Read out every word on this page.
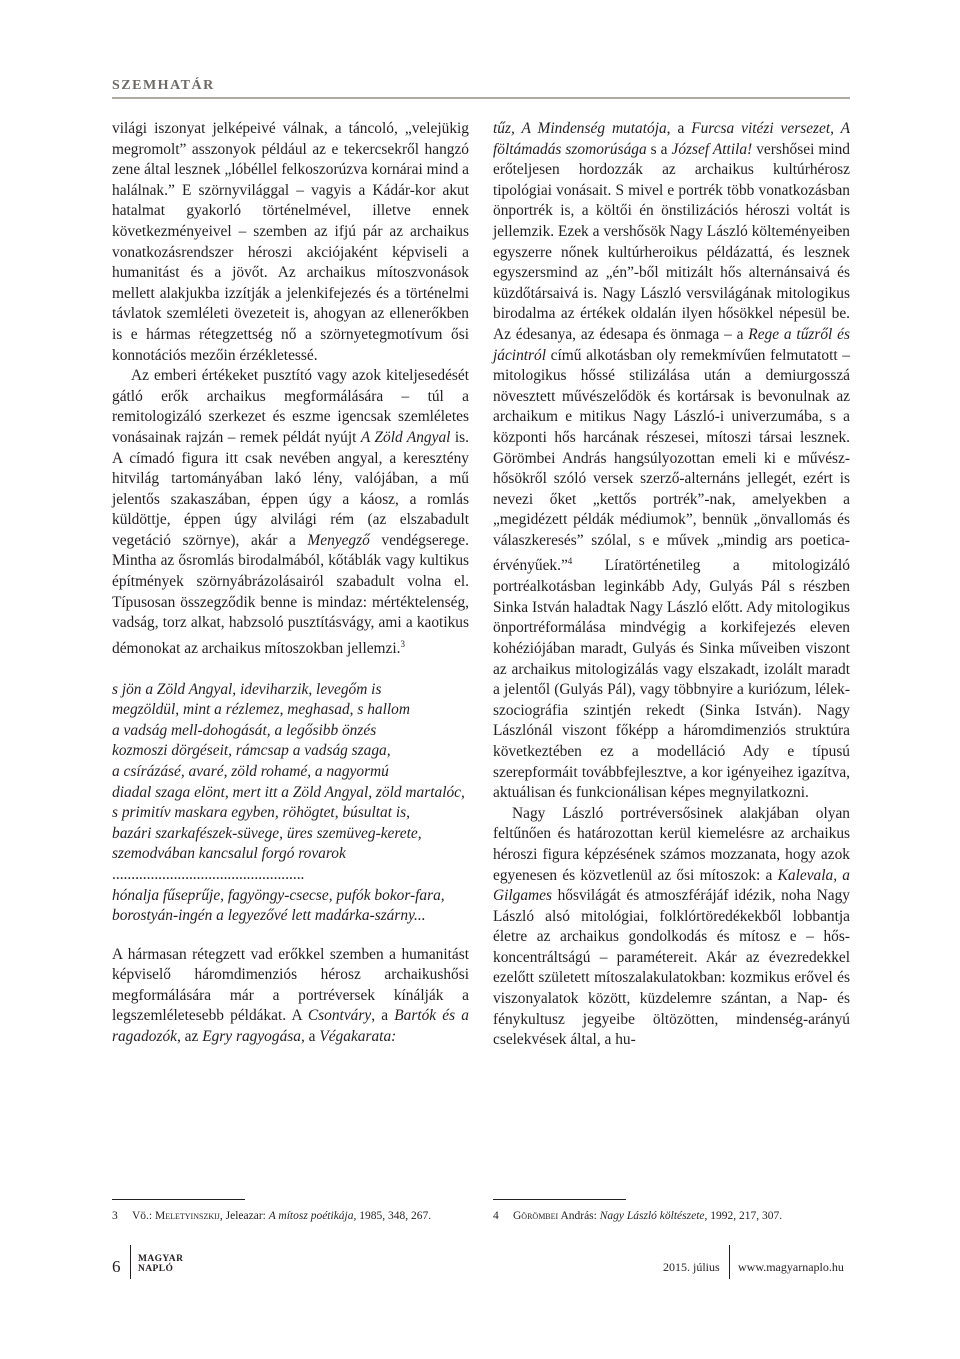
SZEMHATÁR

világi iszonyat jelképeivé válnak, a táncoló, „velejükig megromolt” asszonyok például az e tekercsekről hangzó zene által lesznek „lóbéllel felkoszorúzva kornárai mind a halálnak.” E szörnyvilággal – vagyis a Kádár-kor akut hatalmat gyakorló történelmével, illetve ennek következményeivel – szemben az ifjú pár az archaikus vonatkozásrendszer héroszi akciójaként képviseli a humanitást és a jövőt. Az archaikus mítoszvonások mellett alakjukba izzítják a jelenkifejezés és a történelmi távlatok szemléleti övezeteit is, ahogyan az ellenerőkben is e hármas rétegzettség nő a szörnyetegmotívum ősi konnotációs mezőin érzékletessé.

Az emberi értékeket pusztító vagy azok kiteljesedését gátló erők archaikus megformálására – túl a remitologizáló szerkezet és eszme igencsak szemléletes vonásainak rajzán – remek példát nyújt A Zöld Angyal is. A címadó figura itt csak nevében angyal, a keresztény hitvilág tartományában lakó lény, valójában, a mű jelentős szakaszában, éppen úgy a káosz, a romlás küldöttje, éppen úgy alvilági rém (az elszabadult vegetáció szörnye), akár a Menyegző vendégserege. Mintha az ősromlás birodalmából, kőtáblák vagy kultikus építmények szörnyábrázolásairól szabadult volna el. Típusosan összegződik benne is mindaz: mértéktelenség, vadság, torz alkat, habzsoló pusztításvágy, ami a kaotikus démonokat az archaikus mítoszokban jellemzi.$^3$

s jön a Zöld Angyal, ideviharzik, levegőm is
megzöldül, mint a rézlemez, meghasad, s hallom
a vadság mell-dohogását, a legősibb önzés
kozmoszi dörgéseit, rámcsap a vadság szaga,
a csírázásé, avaré, zöld rohamé, a nagyormú
diadal szaga elönt, mert itt a Zöld Angyal, zöld martalóc,
s primitív maskara egyben, röhögtet, búsultat is,
bazári szarkafészek-süvege, üres szemüveg-kerete,
szemodvában kancsalul forgó rovarok
..................................................
hónalja fűseprűje, fagyöngy-csecse, pufók bokor-fara,
borostyán-ingén a legyezővé lett madárka-szárny...

A hármasan rétegzett vad erőkkel szemben a humanitást képviselő háromdimenziós hérosz archaikushősi megformálására már a portréversek kínálják a legszemléletesebb példákat. A Csontváry, a Bartók és a ragadozók, az Egry ragyogása, a Végakarata:

tűz, A Mindenség mutatója, a Furcsa vitézi versezet, A föltámadás szomorúsága s a József Attila! vershősei mind erőteljesen hordozzák az archaikus kultúrhérosz tipológiai vonásait. S mivel e portrék több vonatkozásban önportrék is, a költői én önstilizációs héroszi voltát is jellemzik. Ezek a vershősök Nagy László költeményeiben egyszerre nőnek kultúrheroikus példázattá, és lesznek egyszersmind az „én”-ből mitizált hős alternánsaivá és küzdőtársaivá is. Nagy László versvilágának mitologikus birodalma az értékek oldalán ilyen hősökkel népesül be. Az édesanya, az édesapa és önmaga – a Rege a tűzről és jácintról című alkotásban oly remekmívűen felmutatott – mitologikus hőssé stilizálása után a demiurgosszá növesztett művészelődök és kortársak is bevonulnak az archaikum e mitikus Nagy László-i univerzumába, s a központi hős harcának részesei, mítoszi társai lesznek. Görömbei András hangsúlyozottan emeli ki e művész-hősökről szóló versek szerző-alternáns jellegét, ezért is nevezi őket „kettős portrék”-nak, amelyekben a „megidézett példák médiumok”, bennük „önvallomás és válaszkeresés” szólal, s e művek „mindig ars poetica-érvényűek.”$^4$ Líratörténetileg a mitologizáló portréalkotásban leginkább Ady, Gulyás Pál s részben Sinka István haladtak Nagy László előtt. Ady mitologikus önportréformálása mindvégig a korkifejezés eleven kohéziójában maradt, Gulyás és Sinka műveiben viszont az archaikus mitologizálás vagy elszakadt, izolált maradt a jelentől (Gulyás Pál), vagy többnyire a kuriózum, lélek-szociográfia szintjén rekedt (Sinka István). Nagy Lászlónál viszont főképp a háromdimenziós struktúra következtében ez a modelláció Ady e típusú szerepformáit továbbfejlesztve, a kor igényeihez igazítva, aktuálisan és funkcionálisan képes megnyilatkozni.

Nagy László portréversősinek alakjában olyan feltűnően és határozottan kerül kiemelésre az archaikus héroszi figura képzésének számos mozzanata, hogy azok egyenesen és közvetlenül az ősi mítoszok: a Kalevala, a Gilgames hősvilágát és atmoszférájáf idézik, noha Nagy László alsó mitológiai, folklórtöredékekből lobbantja életre az archaikus gondolkodás és mítosz e – hős-koncentráltságú – paramétereit. Akár az évezredekkel ezelőtt született mítoszalakulatokban: kozmikus erővel és viszonyalatok között, küzdelemre szántan, a Nap- és fénykultusz jegyeibe öltözötten, mindenség-arányú cselekvések által, a hu-

3 Vö.: Meletyinszkij, Jeleazar: A mítosz poétikája, 1985, 348, 267.	4 Görömbei András: Nagy László költészete, 1992, 217, 307.
6 MAGYAR
NAPLÓ	2015. július www.magyarnaplo.hu
